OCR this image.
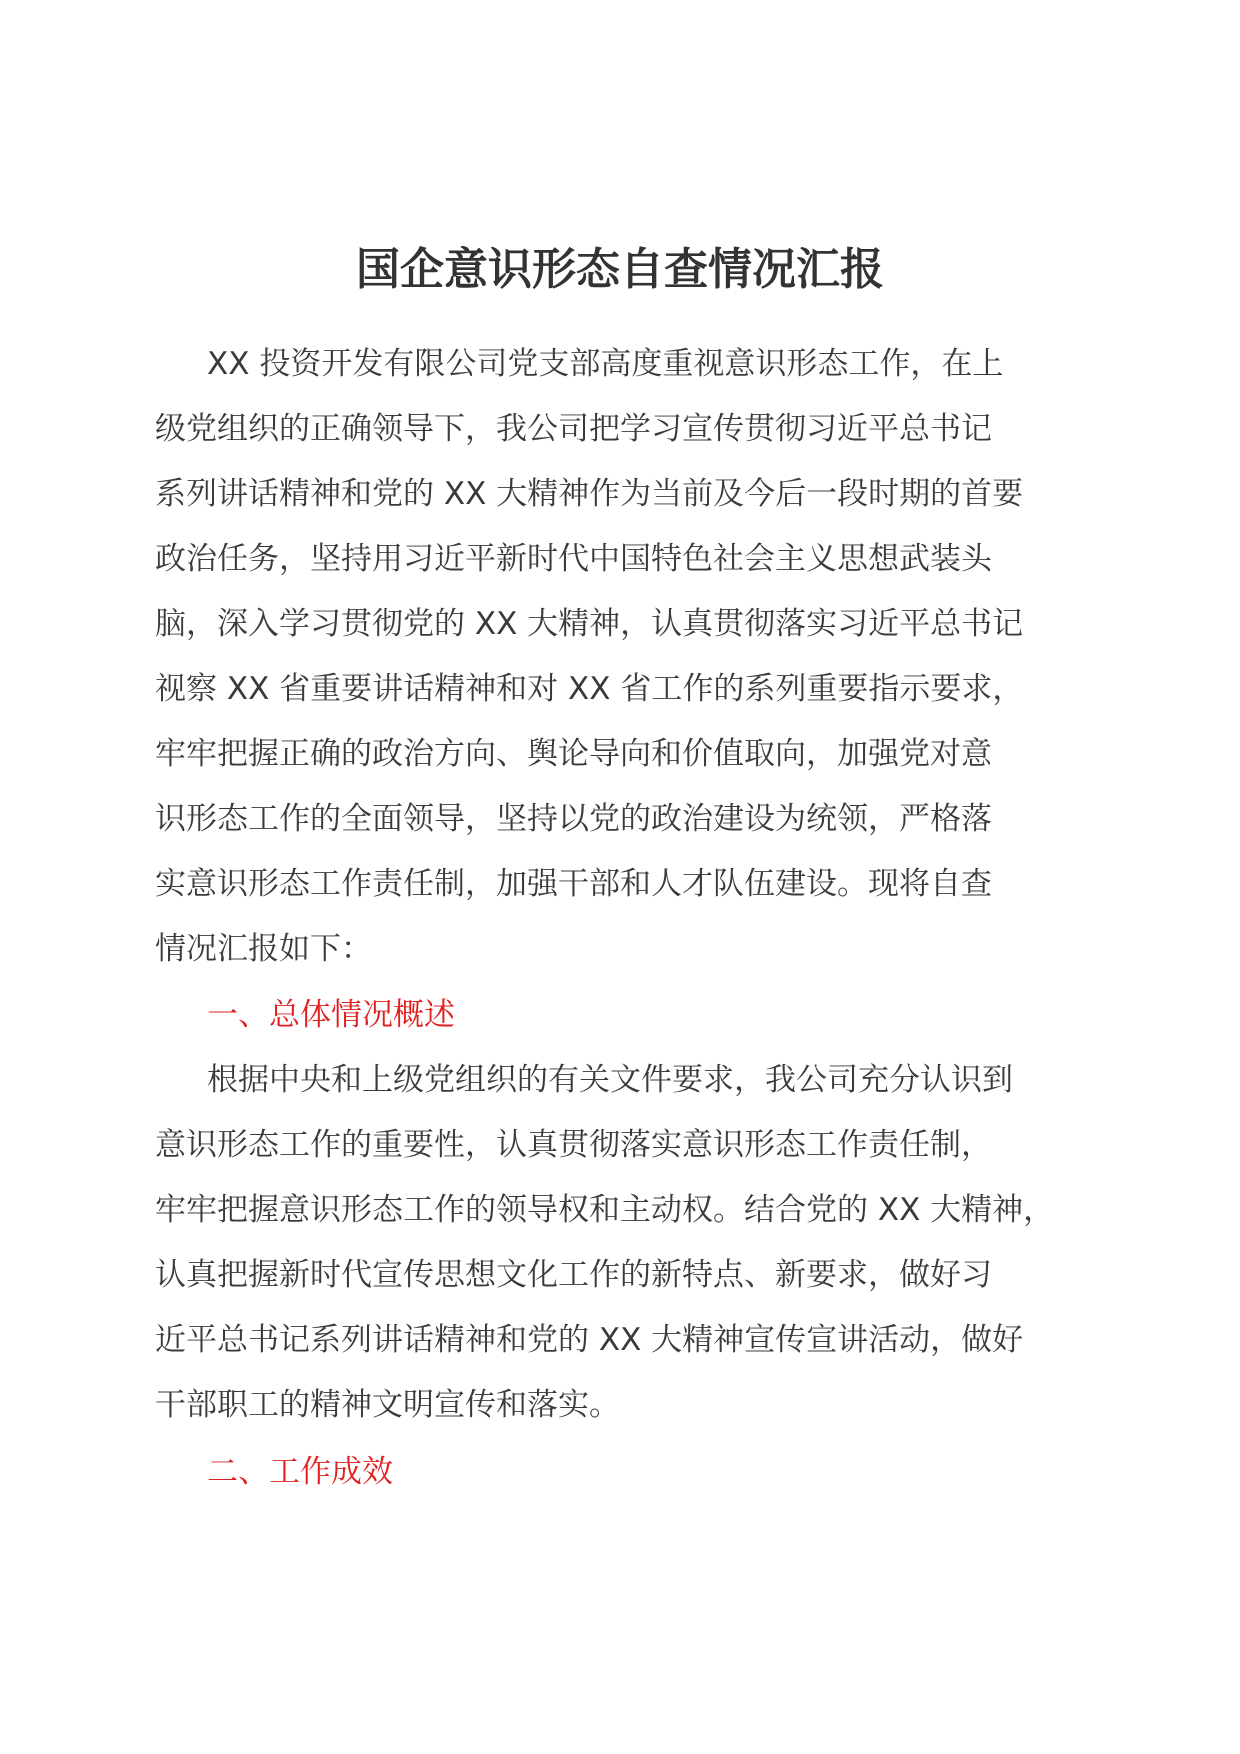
国企意识形态自查情况汇报
XX 投资开发有限公司党支部高度重视意识形态工作，在上
级党组织的正确领导下，我公司把学习宣传贯彻习近平总书记
系列讲话精神和党的 XX 大精神作为当前及今后一段时期的首要
政治任务，坚持用习近平新时代中国特色社会主义思想武装头
脑，深入学习贯彻党的 XX 大精神，认真贯彻落实习近平总书记
视察 XX 省重要讲话精神和对 XX 省工作的系列重要指示要求，
牢牢把握正确的政治方向、舆论导向和价值取向，加强党对意
识形态工作的全面领导，坚持以党的政治建设为统领，严格落
实意识形态工作责任制，加强干部和人才队伍建设。现将自查
情况汇报如下：
一、总体情况概述
根据中央和上级党组织的有关文件要求，我公司充分认识到
意识形态工作的重要性，认真贯彻落实意识形态工作责任制，
牢牢把握意识形态工作的领导权和主动权。结合党的 XX 大精神，
认真把握新时代宣传思想文化工作的新特点、新要求，做好习
近平总书记系列讲话精神和党的 XX 大精神宣传宣讲活动，做好
干部职工的精神文明宣传和落实。
二、工作成效
